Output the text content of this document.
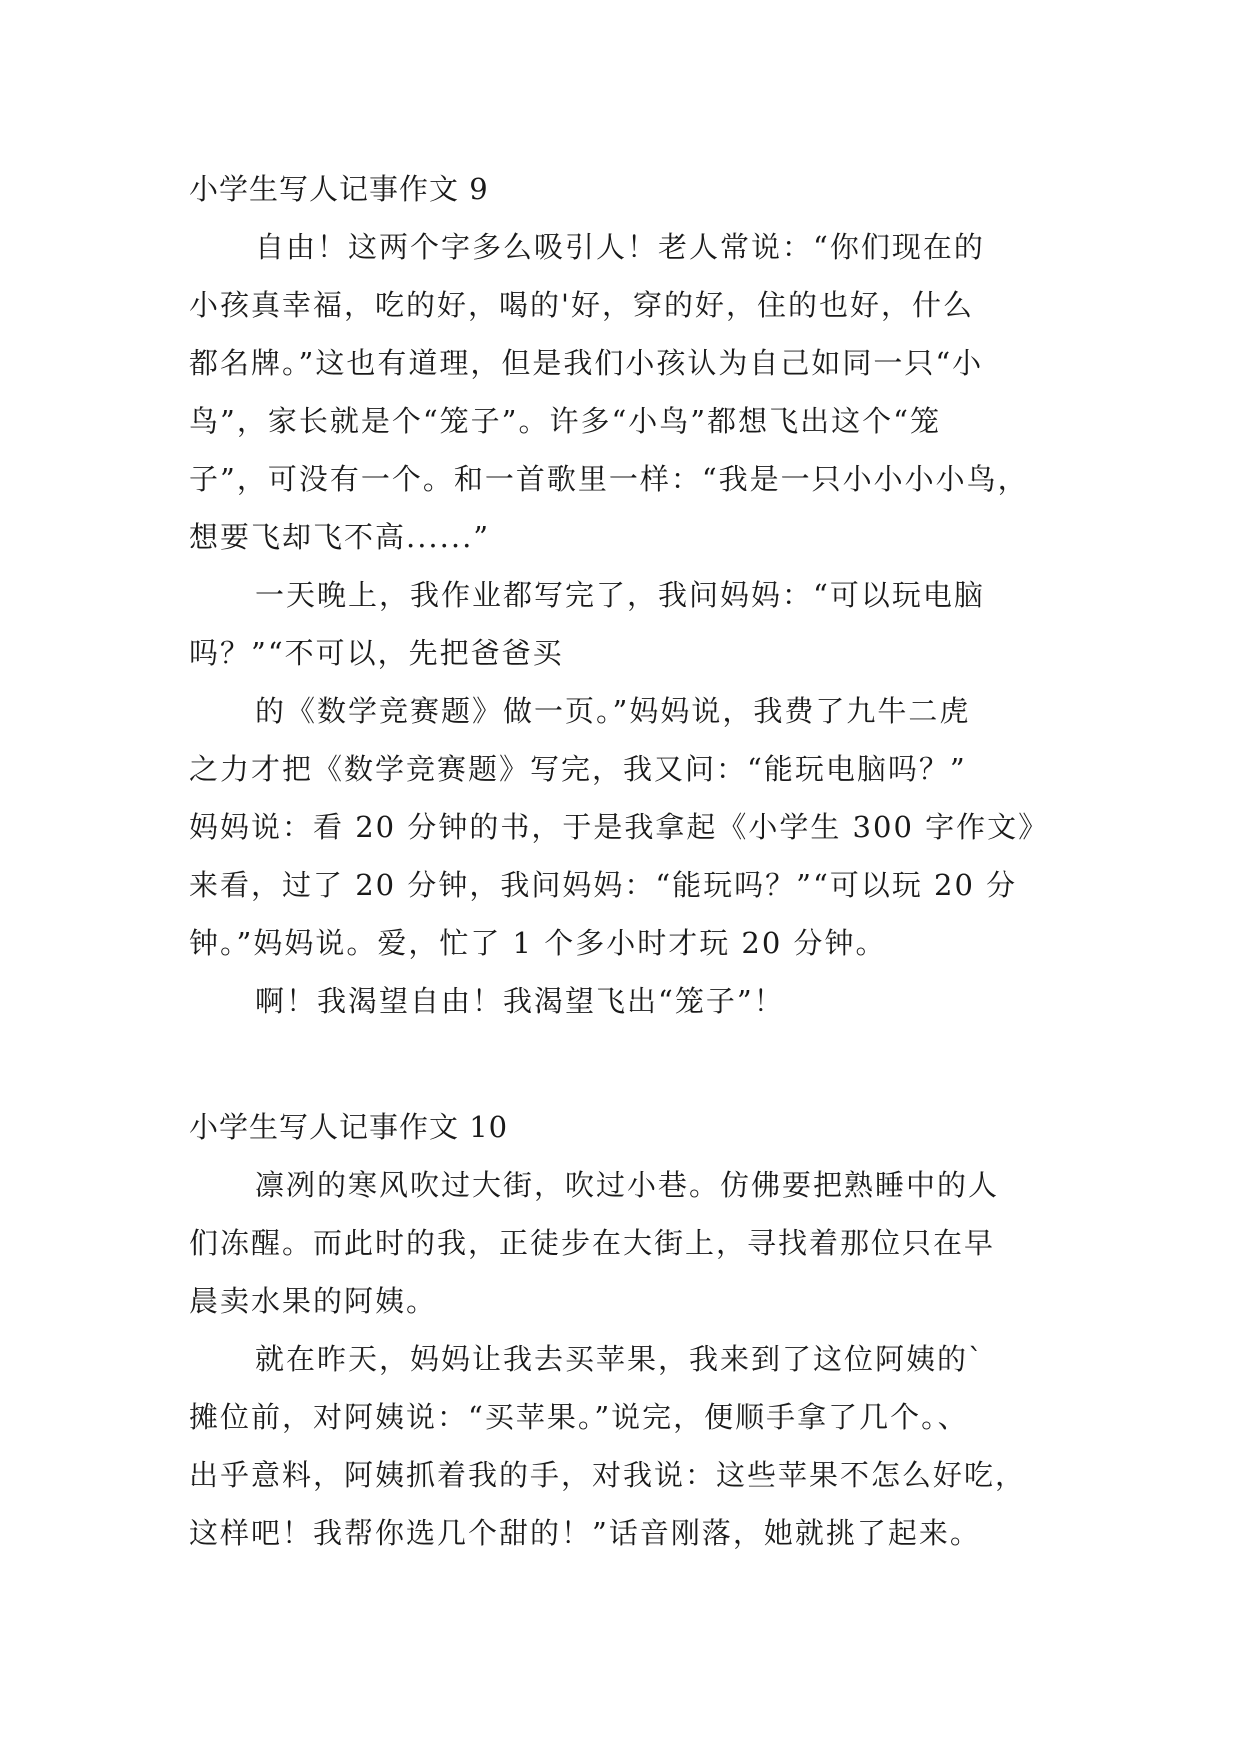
小学生写人记事作文 9
自由！这两个字多么吸引人！老人常说：“你们现在的
小孩真幸福，吃的好，喝的'好，穿的好，住的也好，什么
都名牌。”这也有道理，但是我们小孩认为自己如同一只“小
鸟”，家长就是个“笼子”。许多“小鸟”都想飞出这个“笼
子”，可没有一个。和一首歌里一样：“我是一只小小小小鸟，
想要飞却飞不高......”
一天晚上，我作业都写完了，我问妈妈：“可以玩电脑
吗？”“不可以，先把爸爸买
的《数学竞赛题》做一页。”妈妈说，我费了九牛二虎
之力才把《数学竞赛题》写完，我又问：“能玩电脑吗？”
妈妈说：看 20 分钟的书，于是我拿起《小学生 300 字作文》
来看，过了 20 分钟，我问妈妈：“能玩吗？”“可以玩 20 分
钟。”妈妈说。爱，忙了 1 个多小时才玩 20 分钟。
啊！我渴望自由！我渴望飞出“笼子”！
小学生写人记事作文 10
凛冽的寒风吹过大街，吹过小巷。仿佛要把熟睡中的人
们冻醒。而此时的我，正徒步在大街上，寻找着那位只在早
晨卖水果的阿姨。
就在昨天，妈妈让我去买苹果，我来到了这位阿姨的`
摊位前，对阿姨说：“买苹果。”说完，便顺手拿了几个。、
出乎意料，阿姨抓着我的手，对我说：这些苹果不怎么好吃，
这样吧！我帮你选几个甜的！”话音刚落，她就挑了起来。
